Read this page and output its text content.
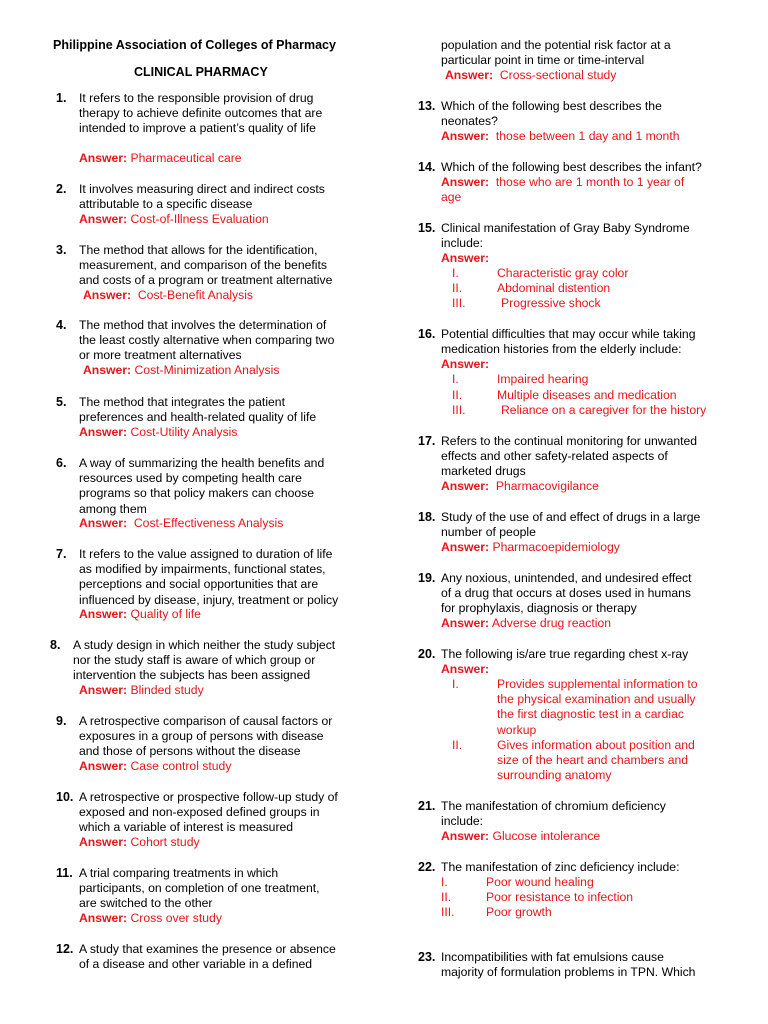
Philippine Association of Colleges of Pharmacy
CLINICAL PHARMACY
1. It refers to the responsible provision of drug
therapy to achieve definite outcomes that are
intended to improve a patient’s quality of life
Answer: Pharmaceutical care
2. It involves measuring direct and indirect costs
attributable to a specific disease
Answer: Cost-of-Illness Evaluation
3. The method that allows for the identification,
measurement, and comparison of the benefits
and costs of a program or treatment alternative
Answer: Cost-Benefit Analysis
4. The method that involves the determination of
the least costly alternative when comparing two
or more treatment alternatives
Answer: Cost-Minimization Analysis
5. The method that integrates the patient
preferences and health-related quality of life
Answer: Cost-Utility Analysis
6. A way of summarizing the health benefits and
resources used by competing health care
programs so that policy makers can choose
among them
Answer: Cost-Effectiveness Analysis
7. It refers to the value assigned to duration of life
as modified by impairments, functional states,
perceptions and social opportunities that are
influenced by disease, injury, treatment or policy
Answer: Quality of life
8. A study design in which neither the study subject
nor the study staff is aware of which group or
intervention the subjects has been assigned
Answer: Blinded study
9. A retrospective comparison of causal factors or
exposures in a group of persons with disease
and those of persons without the disease
Answer: Case control study
10. A retrospective or prospective follow-up study of
exposed and non-exposed defined groups in
which a variable of interest is measured
Answer: Cohort study
11. A trial comparing treatments in which
participants, on completion of one treatment,
are switched to the other
Answer: Cross over study
12. A study that examines the presence or absence
of a disease and other variable in a defined
population and the potential risk factor at a
particular point in time or time-interval
Answer: Cross-sectional study
13. Which of the following best describes the
neonates?
Answer: those between 1 day and 1 month
14. Which of the following best describes the infant?
Answer: those who are 1 month to 1 year of
age
15. Clinical manifestation of Gray Baby Syndrome
include:
Answer:
I.	Characteristic gray color
II.	Abdominal distention
III.	Progressive shock
16. Potential difficulties that may occur while taking
medication histories from the elderly include:
Answer:
I.	Impaired hearing
II.	Multiple diseases and medication
III.	Reliance on a caregiver for the history
17. Refers to the continual monitoring for unwanted
effects and other safety-related aspects of
marketed drugs
Answer: Pharmacovigilance
18. Study of the use of and effect of drugs in a large
number of people
Answer: Pharmacoepidemiology
19. Any noxious, unintended, and undesired effect
of a drug that occurs at doses used in humans
for prophylaxis, diagnosis or therapy
Answer: Adverse drug reaction
20. The following is/are true regarding chest x-ray
Answer:
I.	Provides supplemental information to
the physical examination and usually
the first diagnostic test in a cardiac
workup
II.	Gives information about position and
size of the heart and chambers and
surrounding anatomy
21. The manifestation of chromium deficiency
include:
Answer: Glucose intolerance
22. The manifestation of zinc deficiency include:
I.	Poor wound healing
II.	Poor resistance to infection
III.	Poor growth
23. Incompatibilities with fat emulsions cause
majority of formulation problems in TPN. Which
